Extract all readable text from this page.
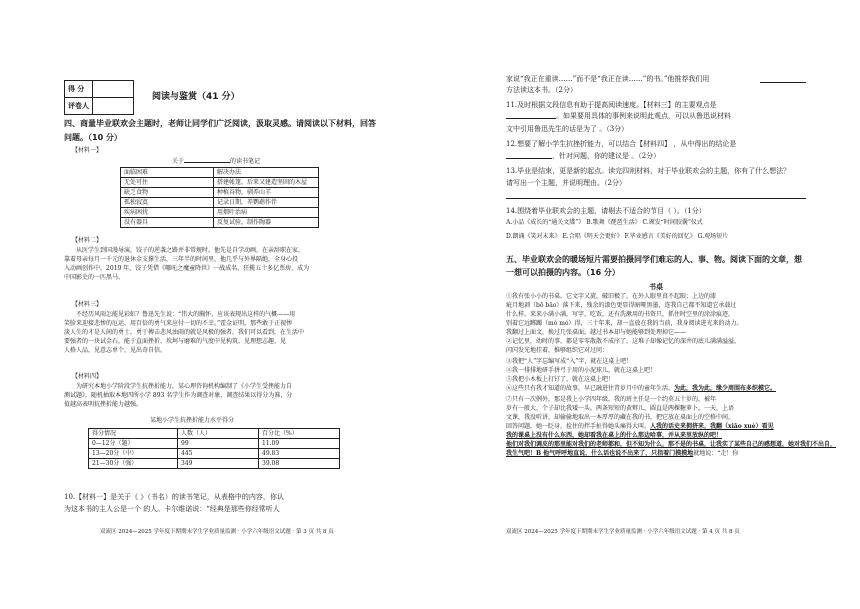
得 分	
评卷人	
阅读与鉴赏（41 分）
四、商量毕业联欢会主题时，老师让同学们广泛阅读，汲取灵感。请阅读以下材料，回答问题。（10 分）
【材料一】
关于	的读书笔记
面临困难	解决办法
无处可住	搭建帐篷，后来又建造坚固的木屋
缺乏食物	种植谷物，驯养山羊
孤独寂寞	记录日期，养鹦鹉作伴
疾病困扰	用烟叶治病
没有器具	反复试验，制作陶器
【材料二】
从医学生到国漫导演，饺子的逆袭之路并非常规时。他先是自学动画，在亲辞职在家，
靠着母亲每月一千元的退休金支撑生活，三年半的时间里，他几乎与外界隔绝，全身心投
入动画创作中。2019 年，饺子凭借《哪吒之魔童降世》一战成名，狂揽五十多亿票房，成为
中国影史的一匹黑马。
【材料三】
不经历风雨怎能见彩虹？鲁迅先生说：“伟大的胸怀，应该表现出这样的气概——用
笑脸来迎接悲惨的厄运，用百倍的勇气来应付一切的不幸。”霍金证明，那些敢于正视惨
淡人生的才是人间的勇士，勇于搏击悲风浊雨的就是风极的强者。我们可以看到，在生活中
要强者的一块试金石，能于直面挫折、坎坷与磨难的气度中见构筑，见理想志趣，见
人格人品，见意志单个，见出奇自信。
【材料四】
为研究本地小学阶段学生抗挫折能力，某心理咨询机构编制了《小学生受挫能力自
测试题》，随机抽取本地四所小学 893 名学生作为调查对象，调查结果以得分为准，分
值越高表明抗挫折能力越强。
某地小学生抗挫折能力水平得分
得分情况	人数（人）	百分比（%）
0—12分（题）	99	11.09
13—20分（中）	445	49.83
21—30分（强）	349	39.08
10.【材料一】是关于《 》（书名）的读书笔记，从表格中的内容，你认
为这本书的主人公是一个 的人。卡尔维诺说：“经典是那些你经常听人
双流区 2024—2025 学年度下期期末学生学业质量监测 · 小学六年级语文试题 · 第 3 页 共 8 页
家说“我正在重读……”而不是“我正在读……”的书。”他推荐我们用
方法读这本书。（2分）
11.及时根据文段信息有助于提高阅读速度。【材料三】的主要观点是
。如果要用具体的事例来说明此观点，可以从鲁迅说材料
文中引用鲁迅先生的话是为了 。（3分）
12.想要了解小学生抗挫折能力，可以结合【材料四】 ，从中得出的结论是
，针对问题，你的建议是 。（2分）
13.毕业是结束，更是新的起点。读完四则材料，对于毕业联欢会的主题，你有了什么想法？
请写出一个主题，并说明理由。（2分）
14.围绕着毕业联欢会的主题，请剔去不适合的节目（ ）。（1分）
A.小品《成长的“通关文牒”》 B.歌舞《琵琶生活》 C.颁发“时间胶囊”仪式
D.朗诵《笑对未来》 E.合唱《明天会更好》 F.毕业感言《美好的回忆》 G.观场短片
五、毕业联欢会的暖场短片需要拍摄同学们难忘的人、事、物。阅读下面的文章，想一想可以拍摄的内容。（16 分）
书桌
①我有张小小的书桌。它文字又旋，破旧极了，在外人眼里真不起眼；上边的漆
疵月地剥（bō bāo）落下来，残余的漆色更显得暗哑黑墨，连我自己都不知道它承载过
什么样。来来小满小满，写字、吃饭，还有洗漱用的书资只，抓住时空里的涂涂痕迹，
别着它远踯躅（mó mó）得，三十年来，却一直放在我的当前，我身阅读进光来的动力。
我翻过上面文，换过几张桌面，越过书本却与她能够到处理掉它——
②记忆里，幼时的事，都是零零散散不成序了。这堆子却像记忆的深井的底儿满满溢溢，
闪闪发光地挂着，推够组织它对过问：
③我把“人”字忘编写成“入”字，就在这桌上吧！
④我一排排地研手拼弓于用的小泥球儿，就在这桌上吧！
⑤我把小木板上打钉了，就在这桌上吧！
⑥这些只有我才知道的故事，早已融进往昔岁月中的童年生活。为此，我为此，缘少周围布多织模它。
⑦只有一次例外，那是我上小学四年级，我的班主任是一个约莫五十岁的，被年
岁有一般大，个子却比我矮一头。两条短短的黄辫儿，圆直是两棵糖萝卜，一天，上语
文课，我没听讲，却偷偷地取出一本厚厚的藏在我的书，把它放在桌面上的空格中间，
回答问题，她一眨身，捡住的拌手扯得她头痛得大叫。人我的话史来拥挤来，我翻（xiāo xuè）看见
我的课桌上没有什么东西，她却看我在桌上的什么那边哈事，并从来里放纵的吧！
他们对我们调皮的那里能对我们的老师都和，但不知为什么，那不是的书桌，让我实了某些自己的感想道，她对我们不出自，
我生气吧！B 他气呼呼地直说，什么话也说不出来了，只指着门摸摸地就地说：“走！你
双流区 2024—2025 学年度下期期末学生学业质量监测 · 小学六年级语文试题 · 第 4 页 共 8 页
